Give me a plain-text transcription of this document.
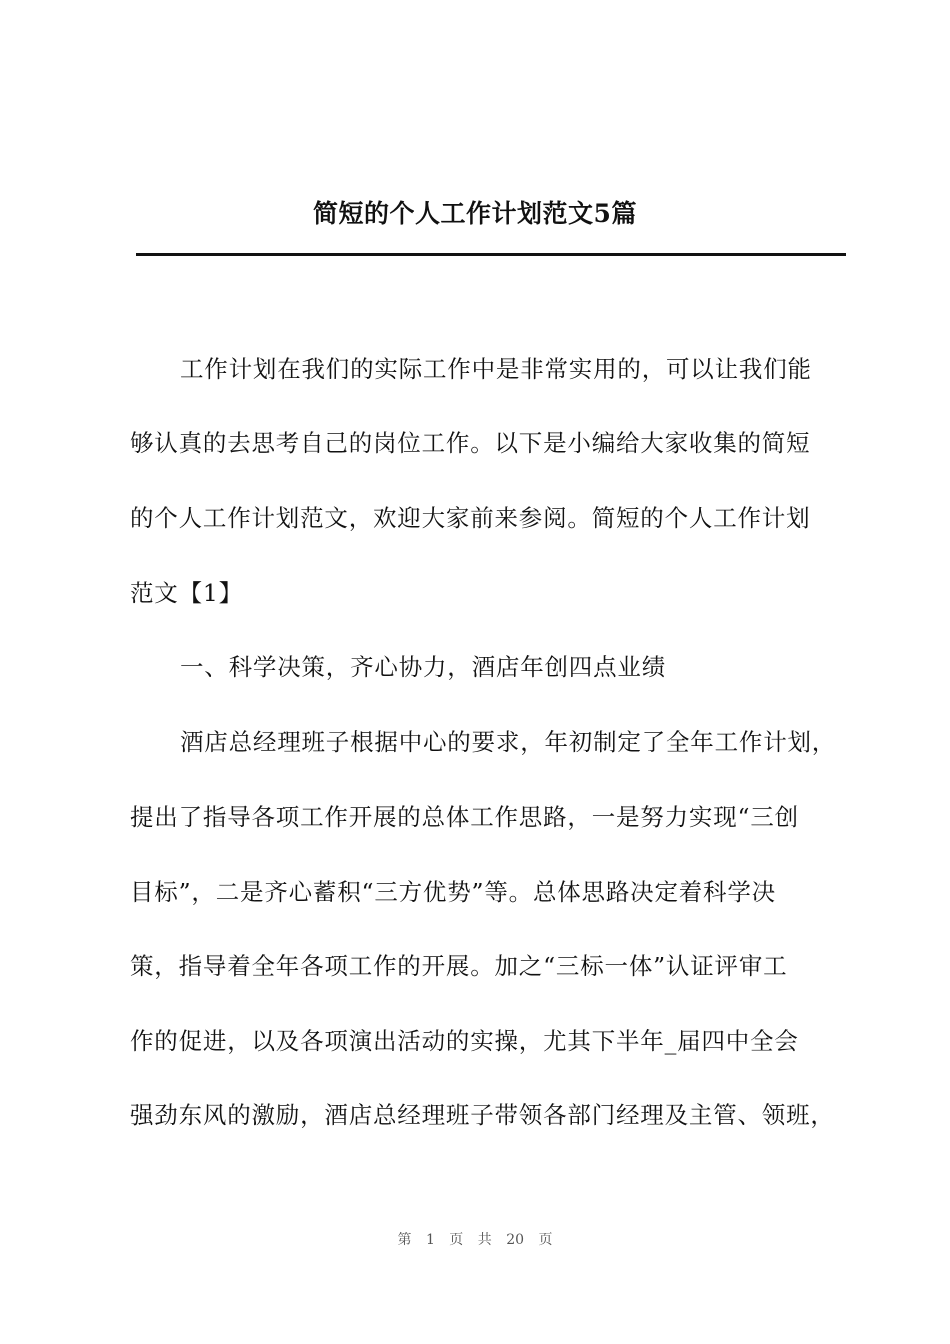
简短的个人工作计划范文5篇
工作计划在我们的实际工作中是非常实用的，可以让我们能
够认真的去思考自己的岗位工作。以下是小编给大家收集的简短
的个人工作计划范文，欢迎大家前来参阅。简短的个人工作计划
范文【1】
一、科学决策，齐心协力，酒店年创四点业绩
酒店总经理班子根据中心的要求，年初制定了全年工作计划，
提出了指导各项工作开展的总体工作思路，一是努力实现“三创
目标”，二是齐心蓄积“三方优势”等。总体思路决定着科学决
策，指导着全年各项工作的开展。加之“三标一体”认证评审工
作的促进，以及各项演出活动的实操，尤其下半年_届四中全会
强劲东风的激励，酒店总经理班子带领各部门经理及主管、领班，
第 1 页 共 20 页
